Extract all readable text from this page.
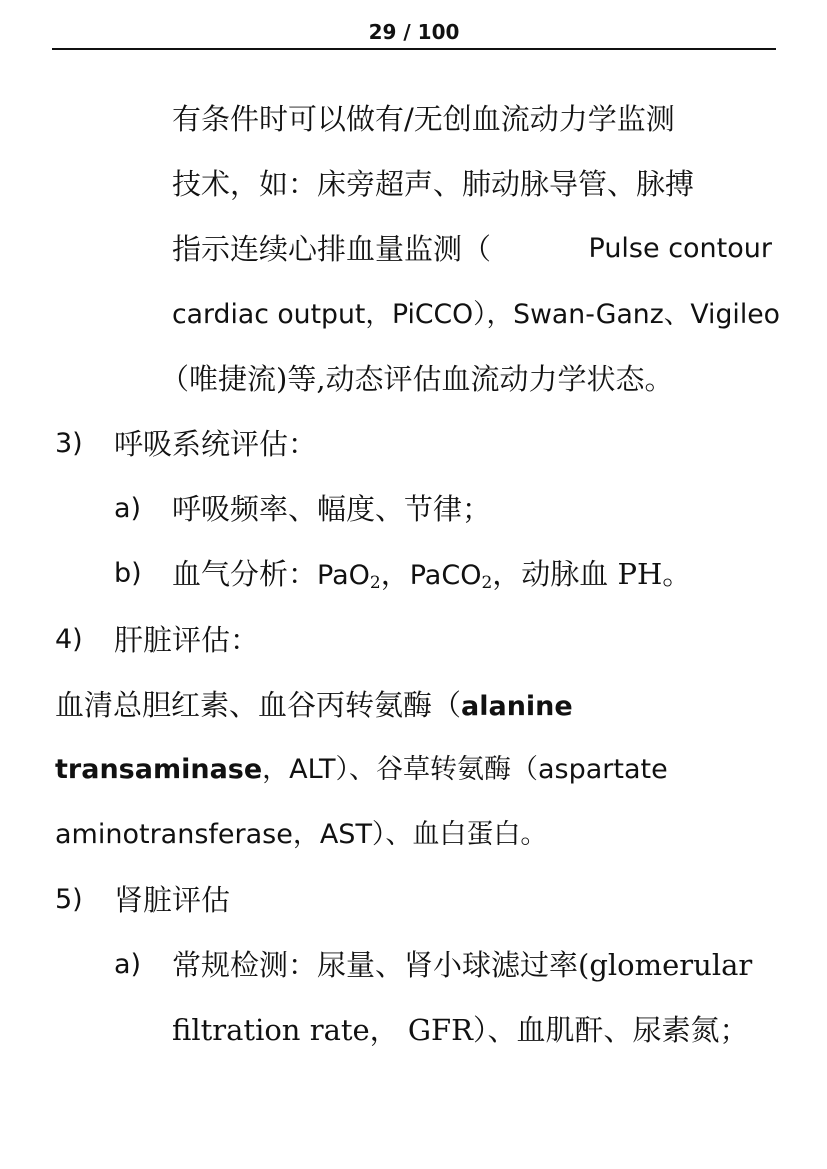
29 / 100
有条件时可以做有/无创血流动力学监测
技术，如：床旁超声、肺动脉导管、脉搏
指示连续心排血量监测（	Pulse contour
cardiac output，PiCCO），Swan-Ganz、Vigileo
（唯捷流)等,动态评估血流动力学状态。
3) 呼吸系统评估：
a) 呼吸频率、幅度、节律；
b) 血气分析：PaO$_2$，PaCO$_2$，动脉血 PH。
4) 肝脏评估：
血清总胆红素、血谷丙转氨酶（alanine
transaminase，ALT）、谷草转氨酶（aspartate
aminotransferase，AST）、血白蛋白。
5) 肾脏评估
a) 常规检测：尿量、肾小球滤过率(glomerular
filtration rate， GFR）、血肌酐、尿素氮；
